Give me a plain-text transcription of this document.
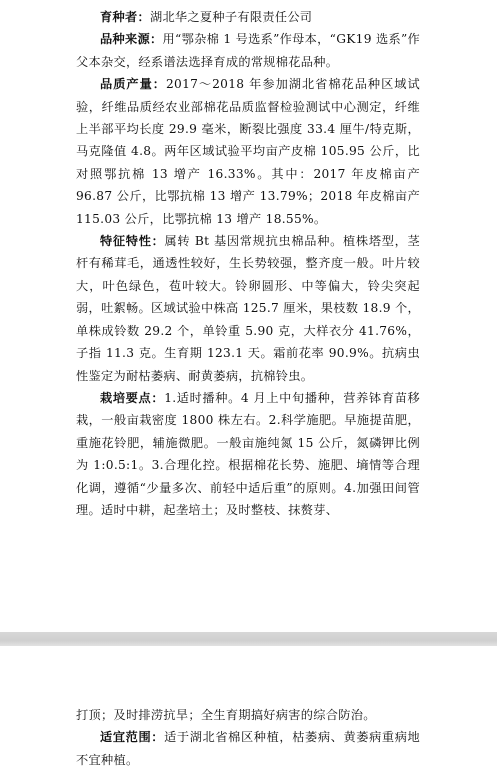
育种者：湖北华之夏种子有限责任公司

品种来源：用“鄂杂棉 1 号选系”作母本，“GK19 选系”作父本杂交，经系谱法选择育成的常规棉花品种。

品质产量：2017～2018 年参加湖北省棉花品种区域试验，纤维品质经农业部棉花品质监督检验测试中心测定，纤维上半部平均长度 29.9 毫米，断裂比强度 33.4 厘牛/特克斯，马克隆值 4.8。两年区域试验平均亩产皮棉 105.95 公斤，比对照鄂抗棉 13 增产 16.33%。其中：2017 年皮棉亩产 96.87 公斤，比鄂抗棉 13 增产 13.79%；2018 年皮棉亩产 115.03 公斤，比鄂抗棉 13 增产 18.55%。

特征特性：属转 Bt 基因常规抗虫棉品种。植株塔型，茎杆有稀茸毛，通透性较好，生长势较强，整齐度一般。叶片较大，叶色绿色，苞叶较大。铃卵圆形、中等偏大，铃尖突起弱，吐絮畅。区域试验中株高 125.7 厘米，果枝数 18.9 个，单株成铃数 29.2 个，单铃重 5.90 克，大样衣分 41.76%，子指 11.3 克。生育期 123.1 天。霜前花率 90.9%。抗病虫性鉴定为耐枯萎病、耐黄萎病，抗棉铃虫。

栽培要点：1.适时播种。4 月上中旬播种，营养钵育苗移栽，一般亩栽密度 1800 株左右。2.科学施肥。早施提苗肥，重施花铃肥，辅施微肥。一般亩施纯氮 15 公斤，氮磷钾比例为 1:0.5:1。3.合理化控。根据棉花长势、施肥、墒情等合理化调，遵循“少量多次、前轻中适后重”的原则。4.加强田间管理。适时中耕，起垄培土；及时整枝、抹赘芽、

打顶；及时排涝抗旱；全生育期搞好病害的综合防治。

适宜范围：适于湖北省棉区种植，枯萎病、黄萎病重病地不宜种植。
